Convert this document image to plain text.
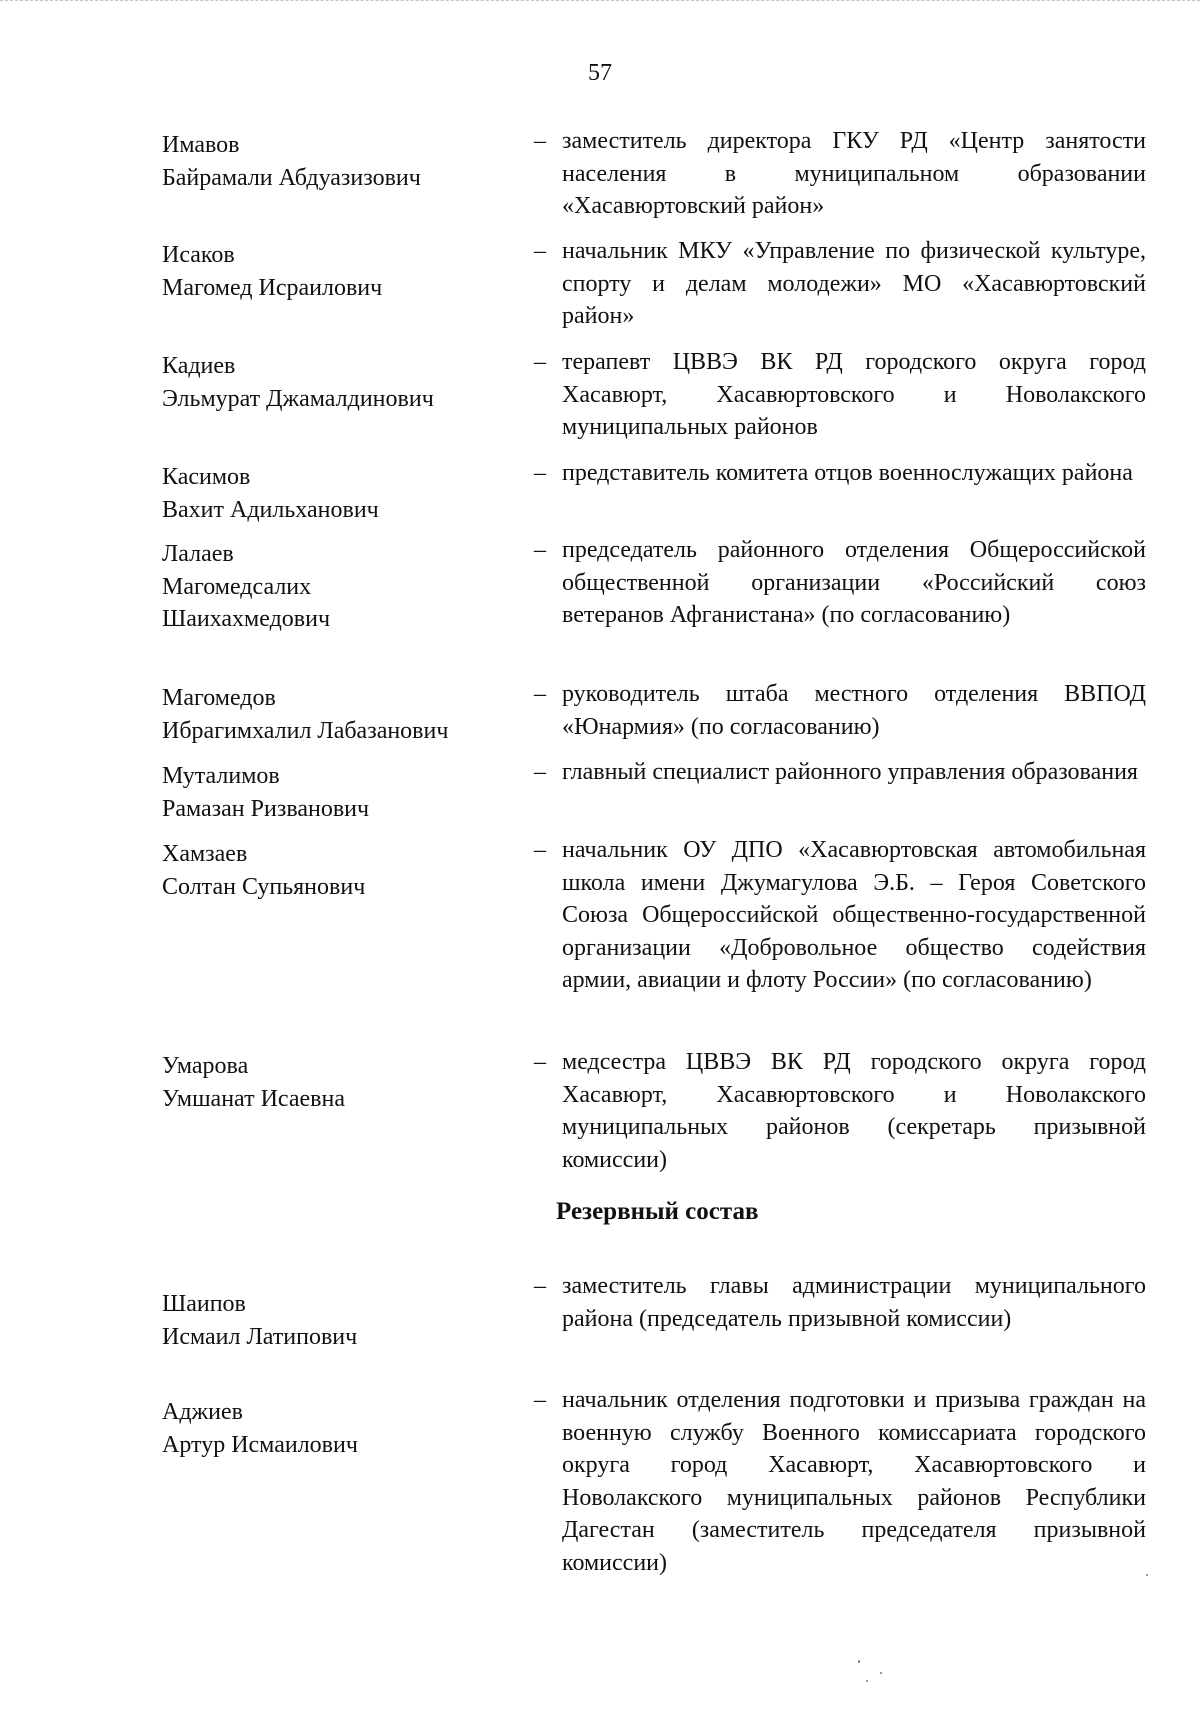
57
Имавов
Байрамали Абдуазизович
– заместитель директора ГКУ РД «Центр занятости населения в муниципальном образовании «Хасавюртовский район»
Исаков
Магомед Исраилович
– начальник МКУ «Управление по физической культуре, спорту и делам молодежи» МО «Хасавюртовский район»
Кадиев
Эльмурат Джамалдинович
– терапевт ЦВВЭ ВК РД городского округа город Хасавюрт, Хасавюртовского и Новолакского муниципальных районов
Касимов
Вахит Адильханович
– представитель комитета отцов военнослужащих района
Лалаев
Магомедсалих
Шаихахмедович
– председатель районного отделения Общероссийской общественной организации «Российский союз ветеранов Афганистана» (по согласованию)
Магомедов
Ибрагимхалил Лабазанович
– руководитель штаба местного отделения ВВПОД «Юнармия» (по согласованию)
Муталимов
Рамазан Ризванович
– главный специалист районного управления образования
Хамзаев
Солтан Супьянович
– начальник ОУ ДПО «Хасавюртовская автомобильная школа имени Джумагулова Э.Б. – Героя Советского Союза Общероссийской общественно-государственной организации «Добровольное общество содействия армии, авиации и флоту России» (по согласованию)
Умарова
Умшанат Исаевна
– медсестра ЦВВЭ ВК РД городского округа город Хасавюрт, Хасавюртовского и Новолакского муниципальных районов (секретарь призывной комиссии)
Резервный состав
Шаипов
Исмаил Латипович
– заместитель главы администрации муниципального района (председатель призывной комиссии)
Аджиев
Артур Исмаилович
– начальник отделения подготовки и призыва граждан на военную службу Военного комиссариата городского округа город Хасавюрт, Хасавюртовского и Новолакского муниципальных районов Республики Дагестан (заместитель председателя призывной комиссии)
